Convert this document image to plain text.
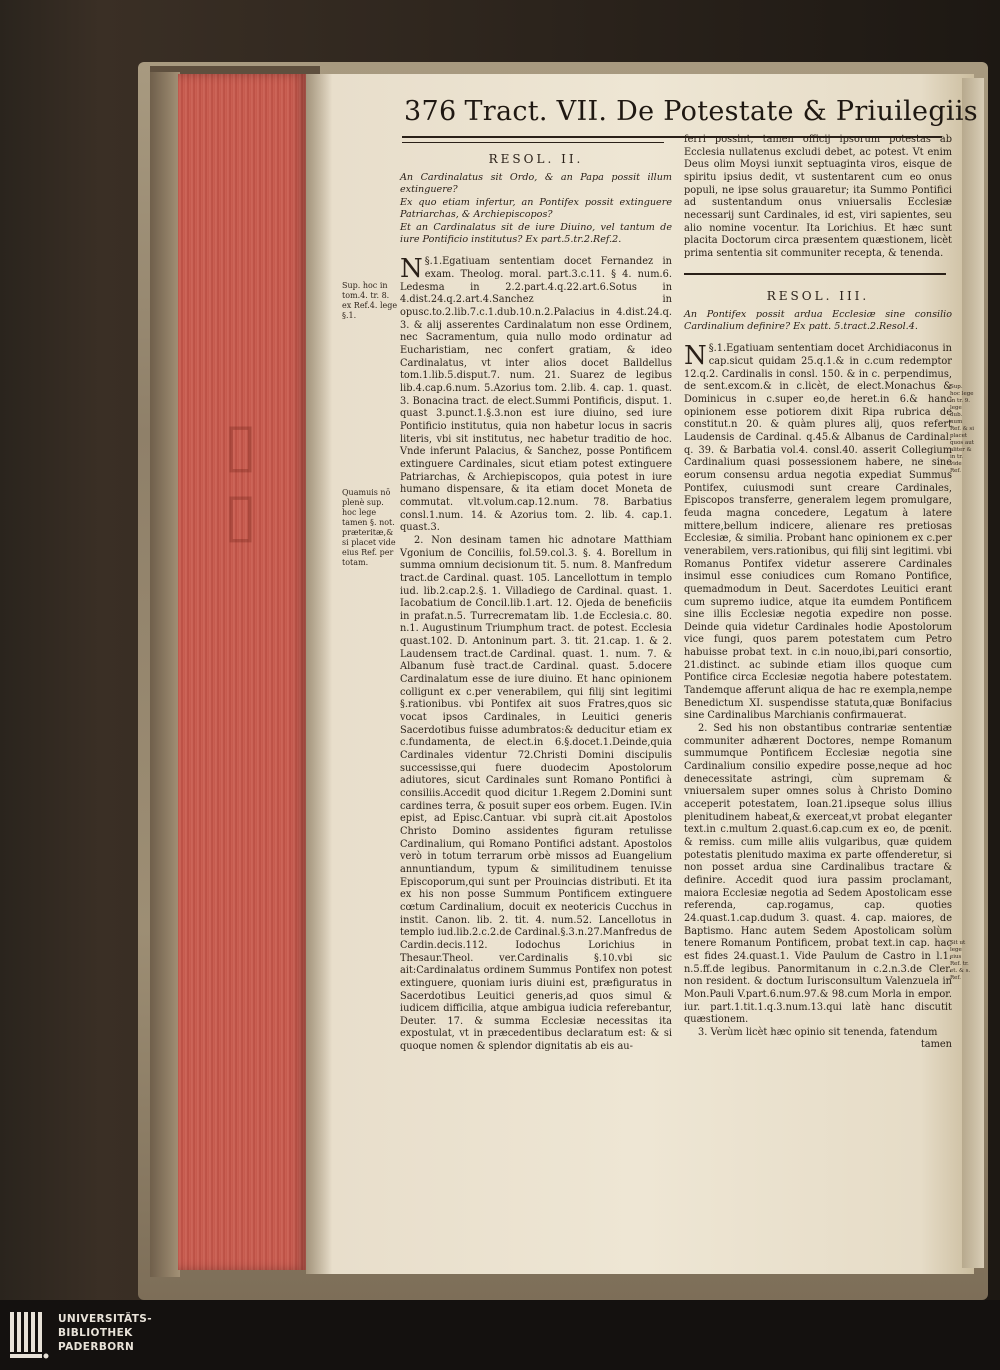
▯
▯
376 Tract. VII. De Potestate & Priuilegiis
RESOL. II.
An Cardinalatus sit Ordo, & an Papa possit illum extinguere?
Ex quo etiam infertur, an Pontifex possit extinguere Patriarchas, & Archiepiscopos?
Et an Cardinalatus sit de iure Diuino, vel tantum de iure Pontificio institutus? Ex part.5.tr.2.Ref.2.

§.1.
N Egatiuam sententiam docet Fernandez in exam. Theolog. moral. part.3.c.11. § 4. num.6. Ledesma in 2.2.part.4.q.22.art.6.Sotus in 4.dist.24.q.2.art.4.Sanchez in opusc.to.2.lib.7.c.1.dub.10.n.2.Palacius in 4.dist.24.q. 3. & alij asserentes Cardinalatum non esse Ordinem, nec Sacramentum, quia nullo modo ordinatur ad Eucharistiam, nec confert gratiam, & ideo Cardinalatus, vt inter alios docet Balldellus tom.1.lib.5.disput.7. num. 21. Suarez de legibus lib.4.cap.6.num. 5.Azorius tom. 2.lib. 4. cap. 1. quast. 3. Bonacina tract. de elect.Summi Pontificis, disput. 1. quast 3.punct.1.§.3.non est iure diuino, sed iure Pontificio institutus, quia non habetur locus in sacris literis, vbi sit institutus, nec habetur traditio de hoc. Vnde inferunt Palacius, & Sanchez, posse Pontificem extinguere Cardinales, sicut etiam potest extinguere Patriarchas, & Archiepiscopos, quia potest in iure humano dispensare, & ita etiam docet Moneta de commutat. vlt.volum.cap.12.num. 78. Barbatius consl.1.num. 14. & Azorius tom. 2. lib. 4. cap.1. quast.3.

2. Non desinam tamen hic adnotare Matthiam Vgonium de Conciliis, fol.59.col.3. §. 4. Borellum in summa omnium decisionum tit. 5. num. 8. Manfredum tract.de Cardinal. quast. 105. Lancellottum in templo iud. lib.2.cap.2.§. 1. Villadiego de Cardinal. quast. 1. Iacobatium de Concil.lib.1.art. 12. Ojeda de beneficiis in prafat.n.5. Turrecrematam lib. 1.de Ecclesia.c. 80. n.1. Augustinum Triumphum tract. de potest. Ecclesia quast.102. D. Antoninum part. 3. tit. 21.cap. 1. & 2. Laudensem tract.de Cardinal. quast. 1. num. 7. & Albanum fusè tract.de Cardinal. quast. 5.docere Cardinalatum esse de iure diuino. Et hanc opinionem colligunt ex c.per venerabilem, qui filij sint legitimi §.rationibus. vbi Pontifex ait suos Fratres,quos sic vocat ipsos Cardinales, in Leuitici generis Sacerdotibus fuisse adumbratos:& deducitur etiam ex c.fundamenta, de elect.in 6.§.docet.1.Deinde,quia Cardinales videntur 72.Christi Domini discipulis successisse,qui fuere duodecim Apostolorum adiutores, sicut Cardinales sunt Romano Pontifici à consiliis.Accedit quod dicitur 1.Regem 2.Domini sunt cardines terra, & posuit super eos orbem. Eugen. IV.in epist, ad Episc.Cantuar. vbi suprà cit.ait Apostolos Christo Domino assidentes figuram retulisse Cardinalium, qui Romano Pontifici adstant. Apostolos verò in totum terrarum orbè missos ad Euangelium annuntiandum, typum & similitudinem tenuisse Episcoporum,qui sunt per Prouincias distributi. Et ita ex his non posse Summum Pontificem extinguere cœtum Cardinalium, docuit ex neotericis Cucchus in instit. Canon. lib. 2. tit. 4. num.52. Lancellotus in templo iud.lib.2.c.2.de Cardinal.§.3.n.27.Manfredus de Cardin.decis.112. Iodochus Lorichius in Thesaur.Theol. ver.Cardinalis §.10.vbi sic ait:Cardinalatus ordinem Summus Pontifex non potest extinguere, quoniam iuris diuini est, præfiguratus in Sacerdotibus Leuitici generis,ad quos simul & iudicem difficilia, atque ambigua iudicia referebantur, Deuter. 17. & summa Ecclesiæ necessitas ita expostulat, vt in præcedentibus declaratum est: & si quoque nomen & splendor dignitatis ab eis au-

Sup. hoc in tom.4. tr. 8. ex Ref.4. lege §.1.
Quamuis nō plenè sup. hoc lege tamen §. not. præteritæ,& si placet vide eius Ref. per totam.

ferri possint, tamen officij ipsorum potestas ab Ecclesia nullatenus excludi debet, ac potest. Vt enim Deus olim Moysi iunxit septuaginta viros, eisque de spiritu ipsius dedit, vt sustentarent cum eo onus populi, ne ipse solus grauaretur; ita Summo Pontifici ad sustentandum onus vniuersalis Ecclesiæ necessarij sunt Cardinales, id est, viri sapientes, seu alio nomine vocentur. Ita Lorichius. Et hæc sunt placita Doctorum circa præsentem quæstionem, licèt prima sententia sit communiter recepta, & tenenda.

RESOL. III.
An Pontifex possit ardua Ecclesiæ sine consilio Cardinalium definire? Ex patt. 5.tract.2.Resol.4.

§.1.
N Egatiuam sententiam docet Archidiaconus in cap.sicut quidam 25.q.1.& in c.cum redemptor 12.q.2. Cardinalis in consl. 150. & in c. perpendimus, de sent.excom.& in c.licèt, de elect.Monachus & Dominicus in c.super eo,de heret.in 6.& hanc opinionem esse potiorem dixit Ripa rubrica de constitut.n 20. & quàm plures alij, quos refert Laudensis de Cardinal. q.45.& Albanus de Cardinal. q. 39. & Barbatia vol.4. consl.40. asserit Collegium Cardinalium quasi possessionem habere, ne sine eorum consensu ardua negotia expediat Summus Pontifex, cuiusmodi sunt creare Cardinales, Episcopos transferre, generalem legem promulgare, feuda magna concedere, Legatum à latere mittere,bellum indicere, alienare res pretiosas Ecclesiæ, & similia. Probant hanc opinionem ex c.per venerabilem, vers.rationibus, qui filij sint legitimi. vbi Romanus Pontifex videtur asserere Cardinales insimul esse coniudices cum Romano Pontifice, quemadmodum in Deut. Sacerdotes Leuitici erant cum supremo iudice, atque ita eumdem Pontificem sine illis Ecclesiæ negotia expedire non posse. Deinde quia videtur Cardinales hodie Apostolorum vice fungi, quos parem potestatem cum Petro habuisse probat text. in c.in nouo,ibi,pari consortio, 21.distinct. ac subinde etiam illos quoque cum Pontifice circa Ecclesiæ negotia habere potestatem. Tandemque afferunt aliqua de hac re exempla,nempe Benedictum XI. suspendisse statuta,quæ Bonifacius sine Cardinalibus Marchianis confirmauerat.

2. Sed his non obstantibus contrariæ sententiæ communiter adhærent Doctores, nempe Romanum summumque Pontificem Ecclesiæ negotia sine Cardinalium consilio expedire posse,neque ad hoc denecessitate astringi, cùm supremam & vniuersalem super omnes solus à Christo Domino acceperit potestatem, Ioan.21.ipseque solus illius plenitudinem habeat,& exerceat,vt probat eleganter text.in c.multum 2.quast.6.cap.cum ex eo, de pœnit. & remiss. cum mille aliis vulgaribus, quæ quidem potestatis plenitudo maxima ex parte offenderetur, si non posset ardua sine Cardinalibus tractare & definire. Accedit quod iura passim proclamant, maiora Ecclesiæ negotia ad Sedem Apostolicam esse referenda, cap.rogamus, cap. quoties 24.quast.1.cap.dudum 3. quast. 4. cap. maiores, de Baptismo. Hanc autem Sedem Apostolicam solùm tenere Romanum Pontificem, probat text.in cap. hac est fides 24.quast.1. Vide Paulum de Castro in l.1. n.5.ff.de legibus. Panormitanum in c.2.n.3.de Cler. non resident. & doctum Iurisconsultum Valenzuela in Mon.Pauli V.part.6.num.97.& 98.cum Morla in empor. iur. part.1.tit.1.q.3.num.13.qui latè hanc discutit quæstionem.

3. Verùm licèt hæc opinio sit tenenda, fatendum

tamen
Sup. hoc lege in tr. 9. lege dub. num Ref. & si placet quos aut aliter & in tr. vide Ref.
Sit ut lege eius Ref. tr. et. & s. Ref.
UNIVERSITÄTS-
BIBLIOTHEK
PADERBORN
